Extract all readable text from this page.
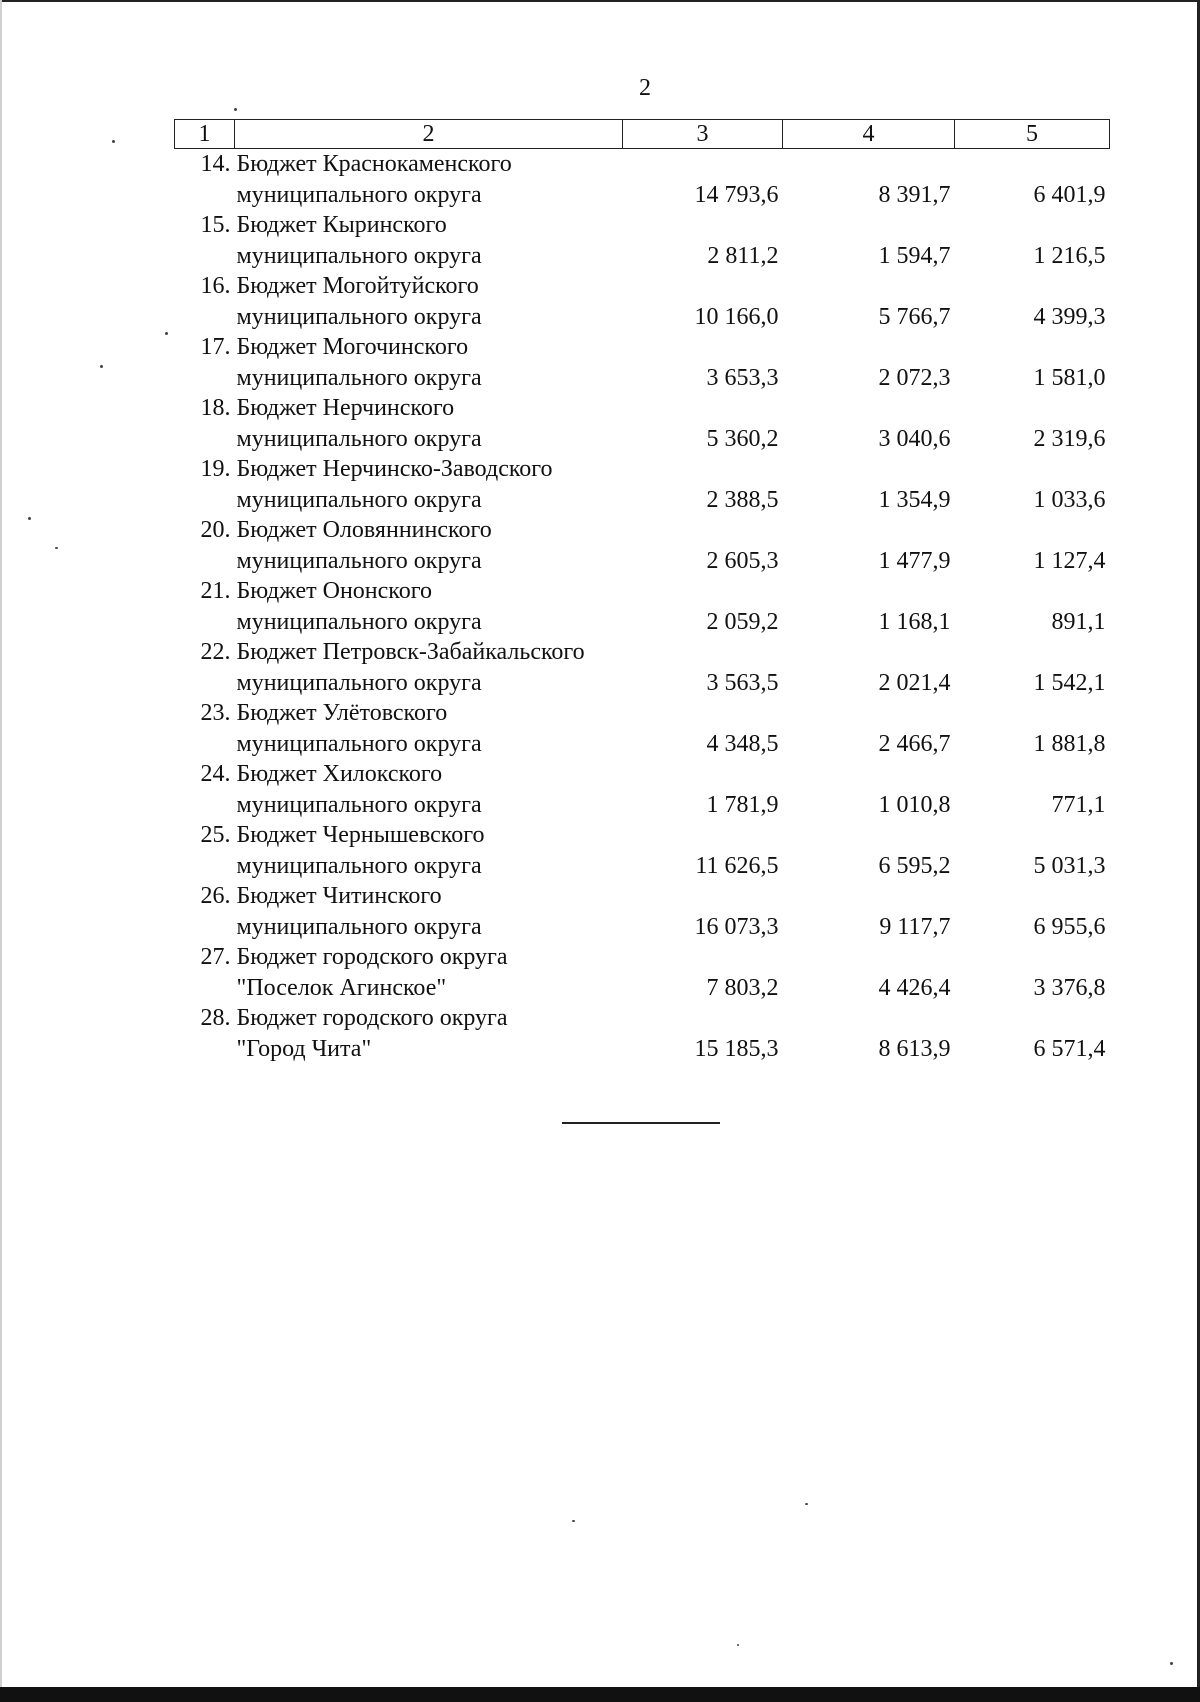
2
1	2	3	4	5
14.	Бюджет Краснокаменского
муниципального округа	14 793,6	8 391,7	6 401,9
15.	Бюджет Кыринского
муниципального округа	2 811,2	1 594,7	1 216,5
16.	Бюджет Могойтуйского
муниципального округа	10 166,0	5 766,7	4 399,3
17.	Бюджет Могочинского
муниципального округа	3 653,3	2 072,3	1 581,0
18.	Бюджет Нерчинского
муниципального округа	5 360,2	3 040,6	2 319,6
19.	Бюджет Нерчинско-Заводского
муниципального округа	2 388,5	1 354,9	1 033,6
20.	Бюджет Оловяннинского
муниципального округа	2 605,3	1 477,9	1 127,4
21.	Бюджет Ононского
муниципального округа	2 059,2	1 168,1	891,1
22.	Бюджет Петровск-Забайкальского
муниципального округа	3 563,5	2 021,4	1 542,1
23.	Бюджет Улётовского
муниципального округа	4 348,5	2 466,7	1 881,8
24.	Бюджет Хилокского
муниципального округа	1 781,9	1 010,8	771,1
25.	Бюджет Чернышевского
муниципального округа	11 626,5	6 595,2	5 031,3
26.	Бюджет Читинского
муниципального округа	16 073,3	9 117,7	6 955,6
27.	Бюджет городского округа
"Поселок Агинское"	7 803,2	4 426,4	3 376,8
28.	Бюджет городского округа
"Город Чита"	15 185,3	8 613,9	6 571,4
